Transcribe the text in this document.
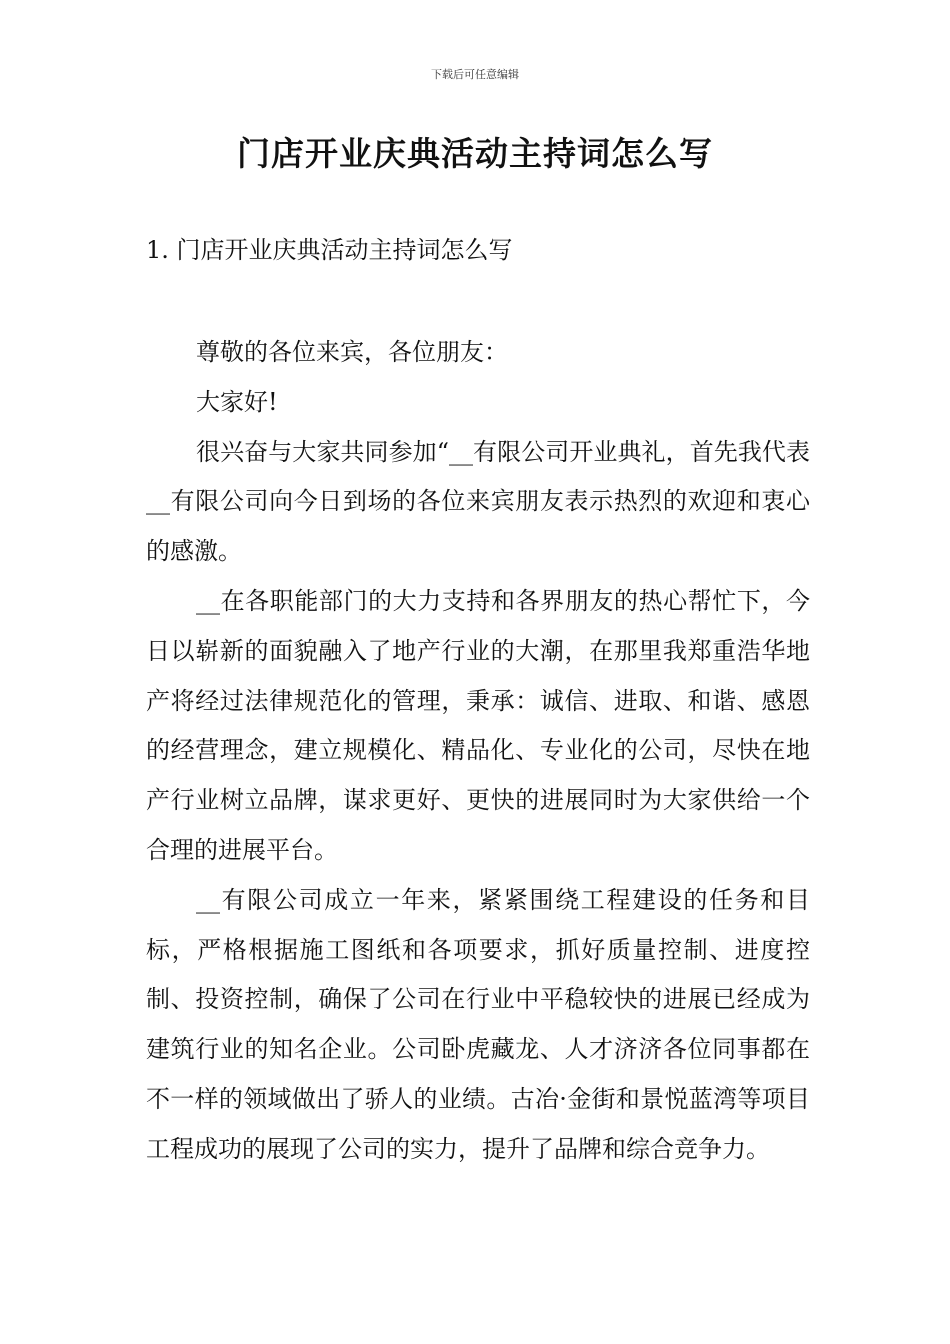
下载后可任意编辑
门店开业庆典活动主持词怎么写
1. 门店开业庆典活动主持词怎么写

尊敬的各位来宾，各位朋友：

大家好!

很兴奋与大家共同参加“__有限公司开业典礼，首先我代表__有限公司向今日到场的各位来宾朋友表示热烈的欢迎和衷心的感激。

__在各职能部门的大力支持和各界朋友的热心帮忙下，今日以崭新的面貌融入了地产行业的大潮，在那里我郑重浩华地产将经过法律规范化的管理，秉承：诚信、进取、和谐、感恩的经营理念，建立规模化、精品化、专业化的公司，尽快在地产行业树立品牌，谋求更好、更快的进展同时为大家供给一个合理的进展平台。

__有限公司成立一年来，紧紧围绕工程建设的任务和目标，严格根据施工图纸和各项要求，抓好质量控制、进度控制、投资控制，确保了公司在行业中平稳较快的进展已经成为建筑行业的知名企业。公司卧虎藏龙、人才济济各位同事都在不一样的领域做出了骄人的业绩。古冶·金街和景悦蓝湾等项目工程成功的展现了公司的实力，提升了品牌和综合竞争力。
